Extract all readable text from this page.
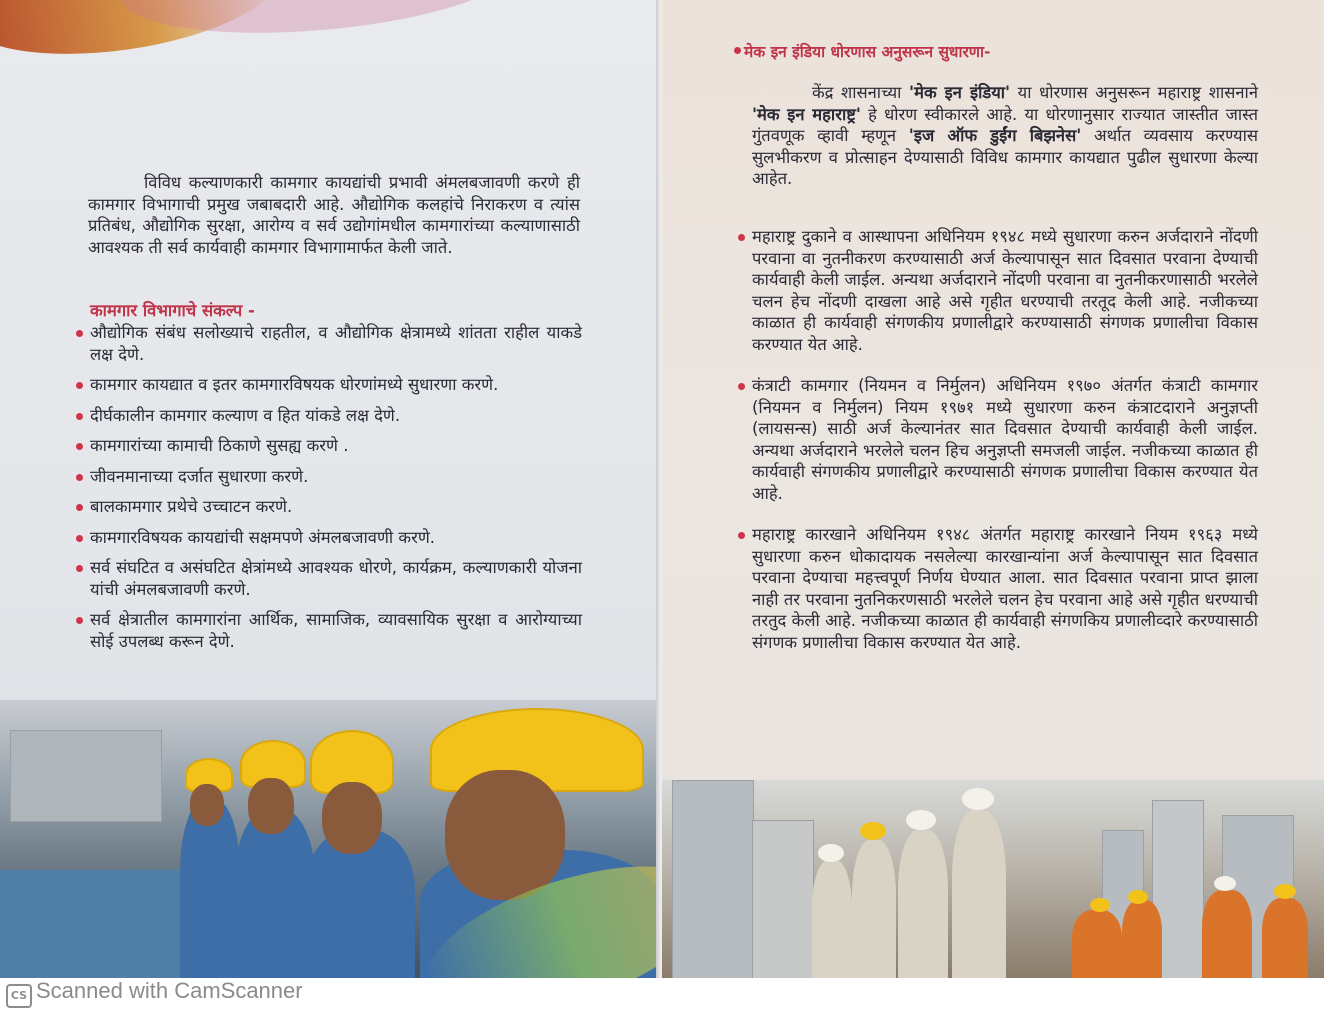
विविध कल्याणकारी कामगार कायद्यांची प्रभावी अंमलबजावणी करणे ही कामगार विभागाची प्रमुख जबाबदारी आहे. औद्योगिक कलहांचे निराकरण व त्यांस प्रतिबंध, औद्योगिक सुरक्षा, आरोग्य व सर्व उद्योगांमधील कामगारांच्या कल्याणासाठी आवश्यक ती सर्व कार्यवाही कामगार विभागामार्फत केली जाते.

कामगार विभागाचे संकल्प -

औद्योगिक संबंध सलोख्याचे राहतील, व औद्योगिक क्षेत्रामध्ये शांतता राहील याकडे लक्ष देणे.
कामगार कायद्यात व इतर कामगारविषयक धोरणांमध्ये सुधारणा करणे.
दीर्घकालीन कामगार कल्याण व हित यांकडे लक्ष देणे.
कामगारांच्या कामाची ठिकाणे सुसह्य करणे .
जीवनमानाच्या दर्जात सुधारणा करणे.
बालकामगार प्रथेचे उच्चाटन करणे.
कामगारविषयक कायद्यांची सक्षमपणे अंमलबजावणी करणे.
सर्व संघटित व असंघटित क्षेत्रांमध्ये आवश्यक धोरणे, कार्यक्रम, कल्याणकारी योजना यांची अंमलबजावणी करणे.
सर्व क्षेत्रातील कामगारांना आर्थिक, सामाजिक, व्यावसायिक सुरक्षा व आरोग्याच्या सोई उपलब्ध करून देणे.

मेक इन इंडिया धोरणास अनुसरून सुधारणा-

केंद्र शासनाच्या 'मेक इन इंडिया' या धोरणास अनुसरून महाराष्ट्र शासनाने 'मेक इन महाराष्ट्र' हे धोरण स्वीकारले आहे. या धोरणानुसार राज्यात जास्तीत जास्त गुंतवणूक व्हावी म्हणून 'इज ऑफ डुईंग बिझनेस' अर्थात व्यवसाय करण्यास सुलभीकरण व प्रोत्साहन देण्यासाठी विविध कामगार कायद्यात पुढील सुधारणा केल्या आहेत.

महाराष्ट्र दुकाने व आस्थापना अधिनियम १९४८ मध्ये सुधारणा करुन अर्जदाराने नोंदणी परवाना वा नुतनीकरण करण्यासाठी अर्ज केल्यापासून सात दिवसात परवाना देण्याची कार्यवाही केली जाईल. अन्यथा अर्जदाराने नोंदणी परवाना वा नुतनीकरणासाठी भरलेले चलन हेच नोंदणी दाखला आहे असे गृहीत धरण्याची तरतूद केली आहे. नजीकच्या काळात ही कार्यवाही संगणकीय प्रणालीद्वारे करण्यासाठी संगणक प्रणालीचा विकास करण्यात येत आहे.
कंत्राटी कामगार (नियमन व निर्मुलन) अधिनियम १९७० अंतर्गत कंत्राटी कामगार (नियमन व निर्मुलन) नियम १९७१ मध्ये सुधारणा करुन कंत्राटदाराने अनुज्ञप्ती (लायसन्स) साठी अर्ज केल्यानंतर सात दिवसात देण्याची कार्यवाही केली जाईल. अन्यथा अर्जदाराने भरलेले चलन हिच अनुज्ञप्ती समजली जाईल. नजीकच्या काळात ही कार्यवाही संगणकीय प्रणालीद्वारे करण्यासाठी संगणक प्रणालीचा विकास करण्यात येत आहे.
महाराष्ट्र कारखाने अधिनियम १९४८ अंतर्गत महाराष्ट्र कारखाने नियम १९६३ मध्ये सुधारणा करुन धोकादायक नसलेल्या कारखान्यांना अर्ज केल्यापासून सात दिवसात परवाना देण्याचा महत्त्वपूर्ण निर्णय घेण्यात आला. सात दिवसात परवाना प्राप्त झाला नाही तर परवाना नुतनिकरणसाठी भरलेले चलन हेच परवाना आहे असे गृहीत धरण्याची तरतुद केली आहे. नजीकच्या काळात ही कार्यवाही संगणकिय प्रणालीव्दारे करण्यासाठी संगणक प्रणालीचा विकास करण्यात येत आहे.
CS Scanned with CamScanner
